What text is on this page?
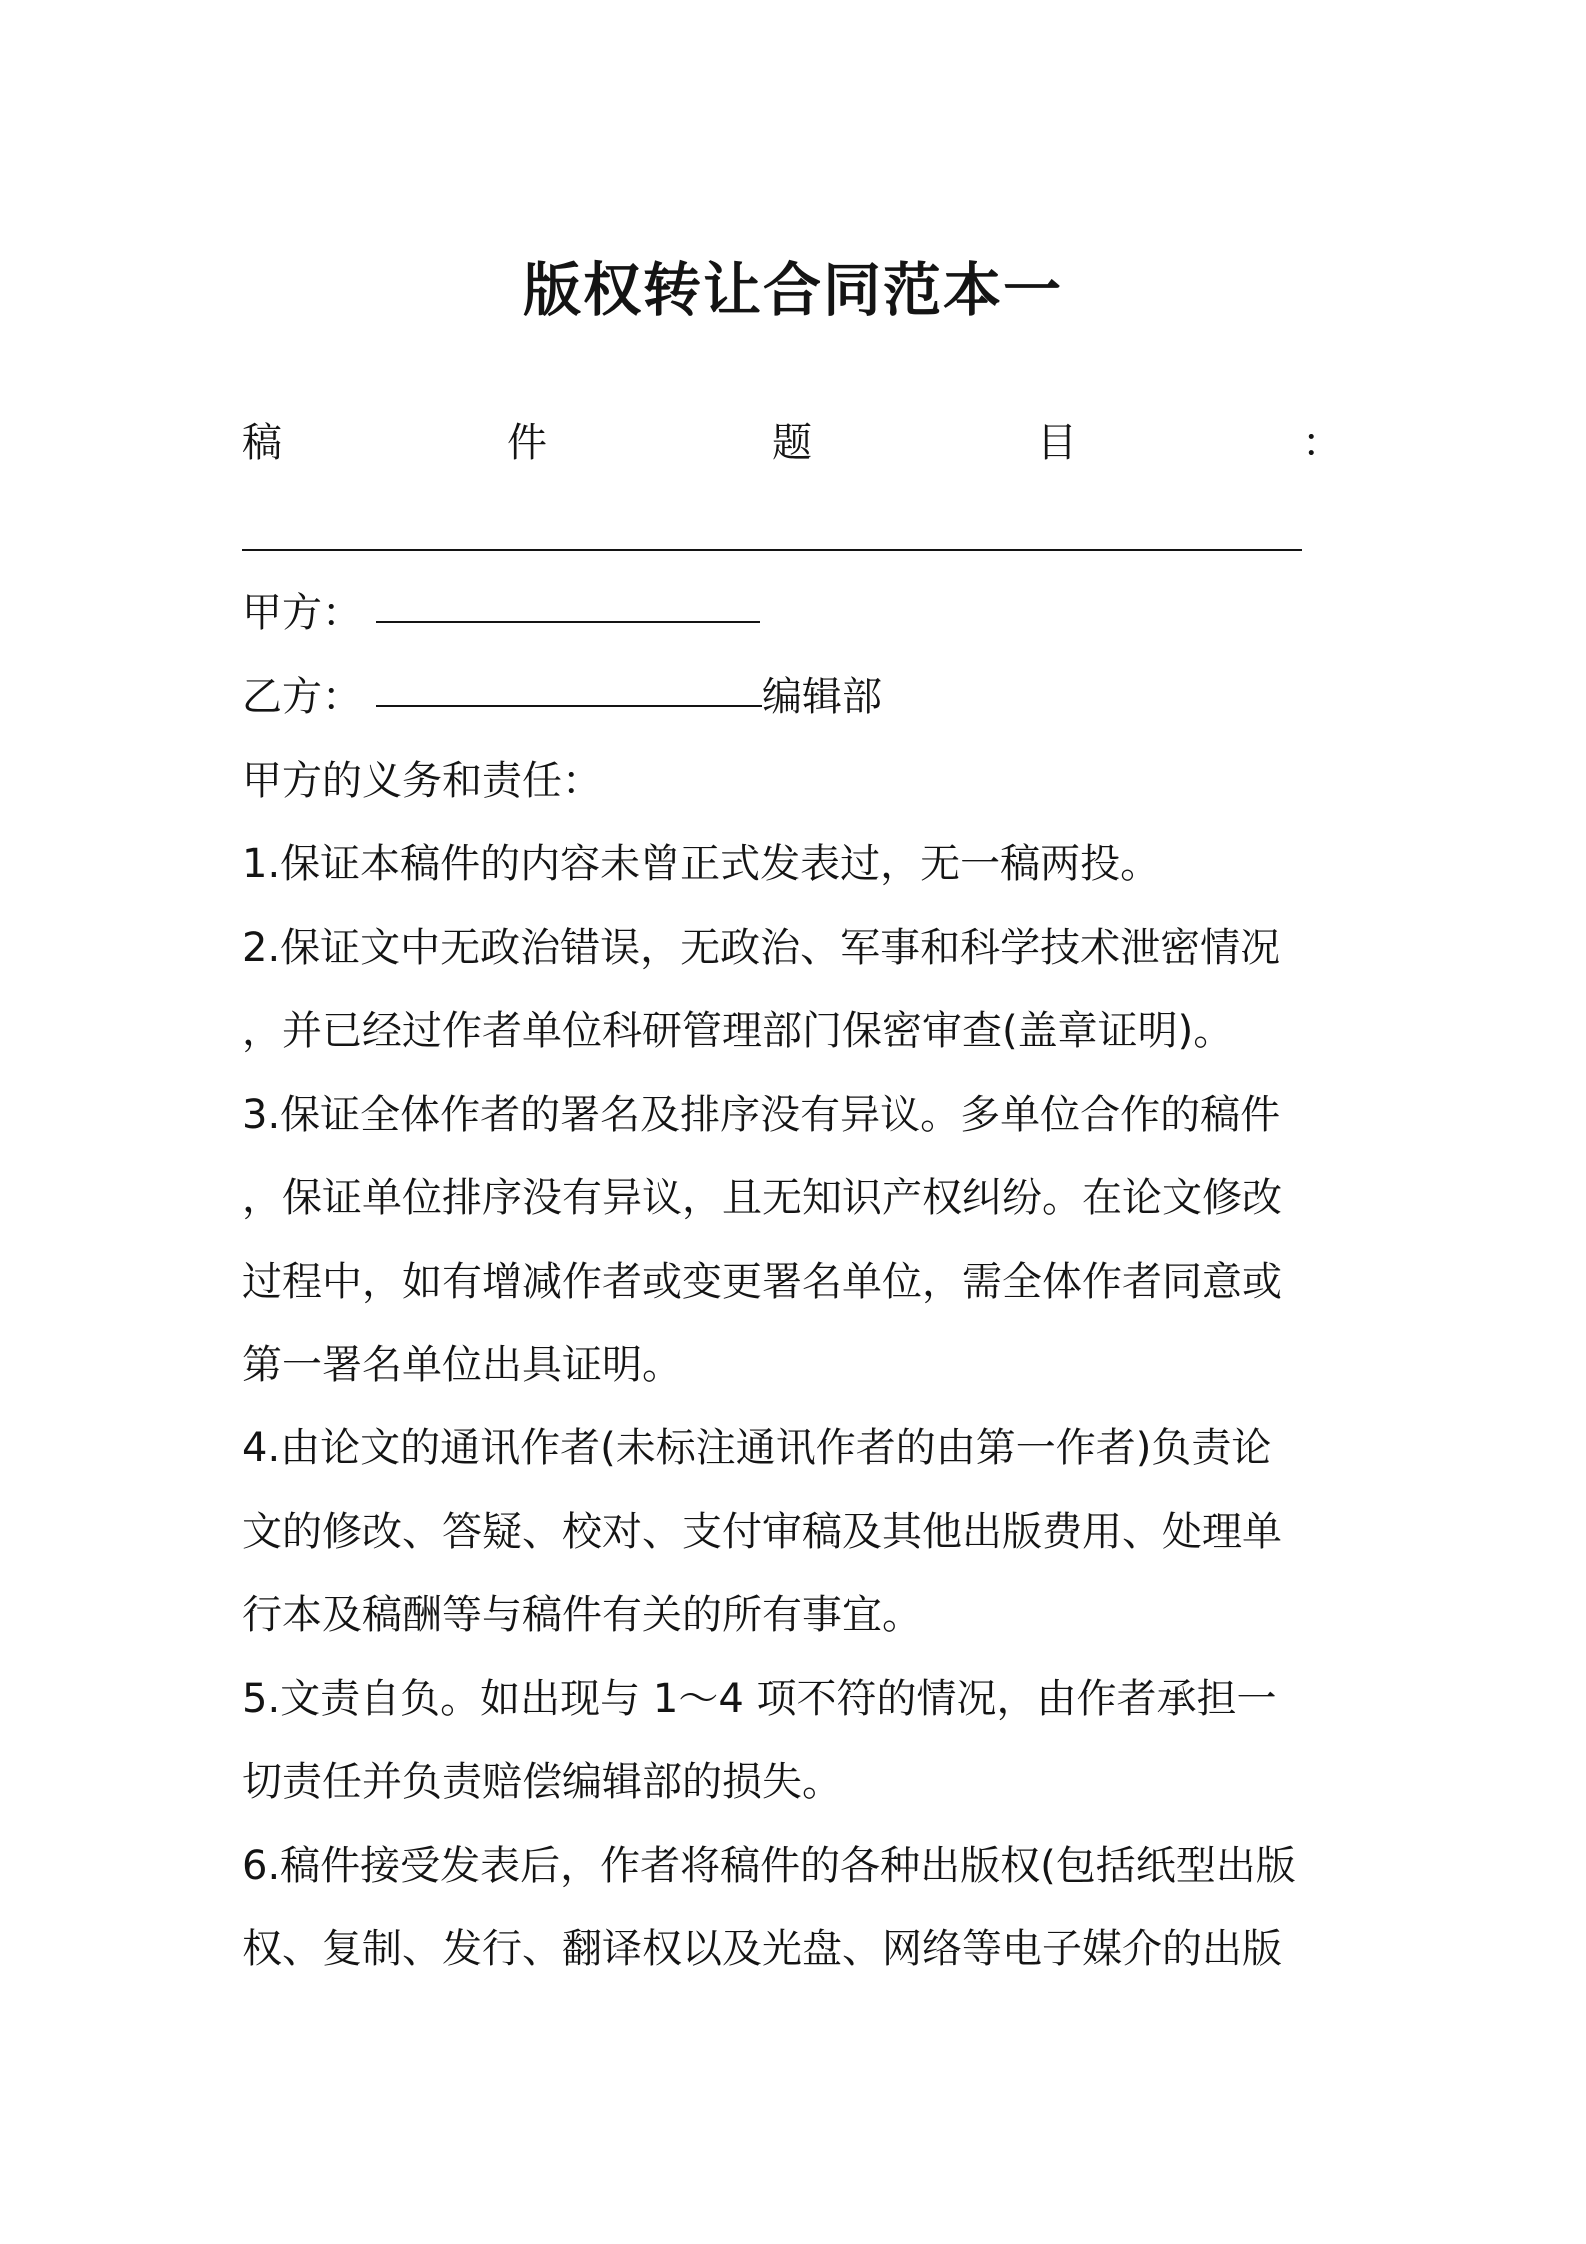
版权转让合同范本一
稿	件	题	目	：

甲方：

乙方：	编辑部

甲方的义务和责任：

1.保证本稿件的内容未曾正式发表过，无一稿两投。

2.保证文中无政治错误，无政治、军事和科学技术泄密情况

，并已经过作者单位科研管理部门保密审查(盖章证明)。

3.保证全体作者的署名及排序没有异议。多单位合作的稿件

，保证单位排序没有异议，且无知识产权纠纷。在论文修改

过程中，如有增减作者或变更署名单位，需全体作者同意或

第一署名单位出具证明。

4.由论文的通讯作者(未标注通讯作者的由第一作者)负责论

文的修改、答疑、校对、支付审稿及其他出版费用、处理单

行本及稿酬等与稿件有关的所有事宜。

5.文责自负。如出现与 1～4 项不符的情况，由作者承担一

切责任并负责赔偿编辑部的损失。

6.稿件接受发表后，作者将稿件的各种出版权(包括纸型出版

权、复制、发行、翻译权以及光盘、网络等电子媒介的出版
